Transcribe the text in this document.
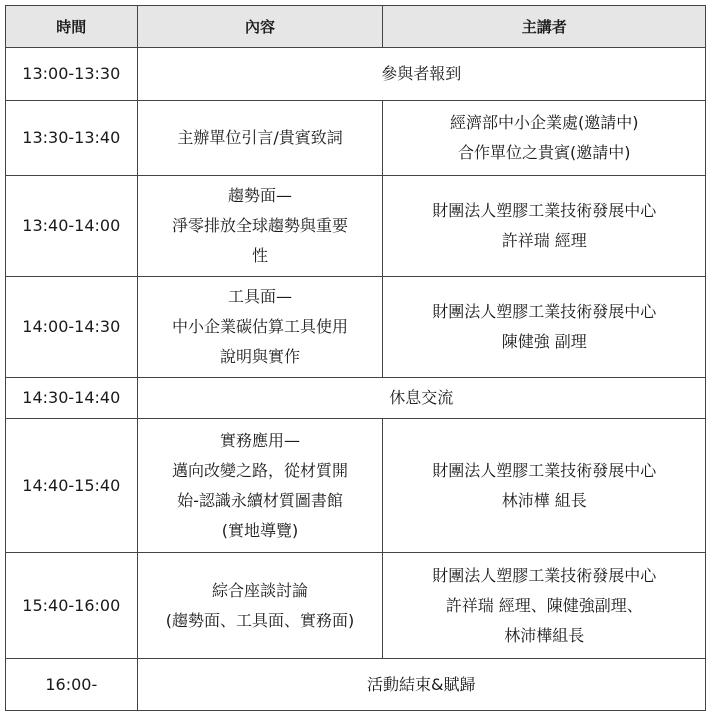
時間	內容	主講者
13:00-13:30	參與者報到	
13:30-13:40	主辦單位引言/貴賓致詞	經濟部中小企業處(邀請中)
合作單位之貴賓(邀請中)

13:40-14:00	趨勢面—
淨零排放全球趨勢與重要
性	財團法人塑膠工業技術發展中心
許祥瑞 經理

14:00-14:30	工具面—
中小企業碳估算工具使用
說明與實作	財團法人塑膠工業技術發展中心
陳健強 副理

14:30-14:40	休息交流	
14:40-15:40	實務應用—
邁向改變之路，從材質開
始-認識永續材質圖書館
(實地導覽)	財團法人塑膠工業技術發展中心
林沛樺 組長

15:40-16:00	綜合座談討論
(趨勢面、工具面、實務面)	財團法人塑膠工業技術發展中心
許祥瑞 經理、陳健強副理、
林沛樺組長

16:00-	活動結束&賦歸	
